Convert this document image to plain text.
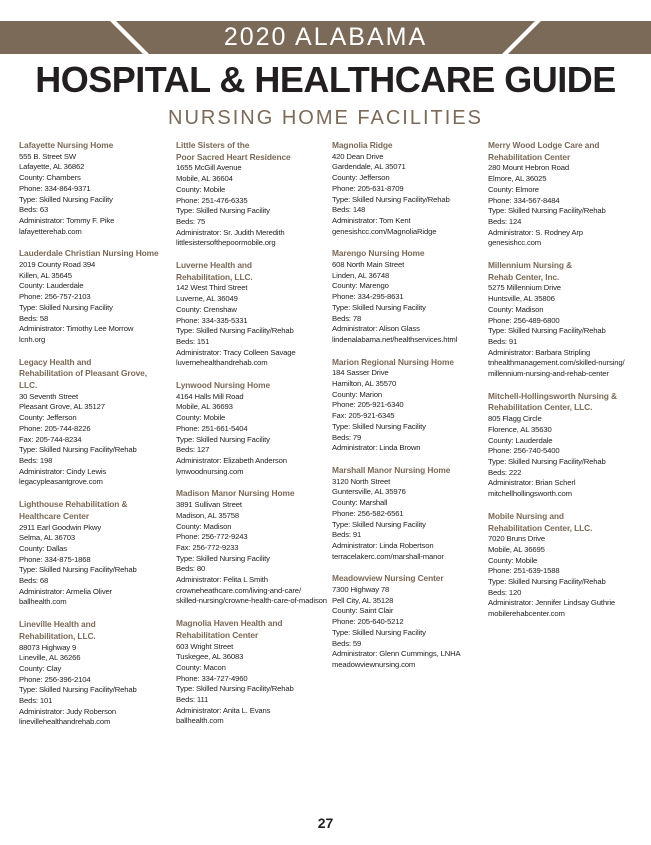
2020 ALABAMA
HOSPITAL & HEALTHCARE GUIDE
NURSING HOME FACILITIES
Lafayette Nursing Home
555 B. Street SW
Lafayette, AL 36862
County: Chambers
Phone: 334-864-9371
Type: Skilled Nursing Facility
Beds: 63
Administrator: Tommy F. Pike
lafayetterehab.com
Lauderdale Christian Nursing Home
2019 County Road 394
Killen, AL 35645
County: Lauderdale
Phone: 256-757-2103
Type: Skilled Nursing Facility
Beds: 58
Administrator: Timothy Lee Morrow
lcnh.org
Legacy Health and
Rehabilitation of Pleasant Grove,
LLC.
30 Seventh Street
Pleasant Grove, AL 35127
County: Jefferson
Phone: 205-744-8226
Fax: 205-744-8234
Type: Skilled Nursing Facility/Rehab
Beds: 198
Administrator: Cindy Lewis
legacypleasantgrove.com
Lighthouse Rehabilitation &
Healthcare Center
2911 Earl Goodwin Pkwy
Selma, AL 36703
County: Dallas
Phone: 334-875-1868
Type: Skilled Nursing Facility/Rehab
Beds: 68
Administrator: Armelia Oliver
ballhealth.com
Lineville Health and
Rehabilitation, LLC.
88073 Highway 9
Lineville, AL 36266
County: Clay
Phone: 256-396-2104
Type: Skilled Nursing Facility/Rehab
Beds: 101
Administrator: Judy Roberson
linevillehealthandrehab.com
Little Sisters of the
Poor Sacred Heart Residence
1655 McGill Avenue
Mobile, AL 36604
County: Mobile
Phone: 251-476-6335
Type: Skilled Nursing Facility
Beds: 75
Administrator: Sr. Judith Meredith
littlesistersofthepoormobile.org
Luverne Health and
Rehabilitation, LLC.
142 West Third Street
Luverne, AL 36049
County: Crenshaw
Phone: 334-335-5331
Type: Skilled Nursing Facility/Rehab
Beds: 151
Administrator: Tracy Colleen Savage
luvernehealthandrehab.com
Lynwood Nursing Home
4164 Halls Mill Road
Mobile, AL 36693
County: Mobile
Phone: 251-661-5404
Type: Skilled Nursing Facility
Beds: 127
Administrator: Elizabeth Anderson
lynwoodnursing.com
Madison Manor Nursing Home
3891 Sullivan Street
Madison, AL 35758
County: Madison
Phone: 256-772-9243
Fax: 256-772-9233
Type: Skilled Nursing Facility
Beds: 80
Administrator: Felita L Smith
crowneheathcare.com/living-and-care/
skilled-nursing/crowne-health-care-of-madison
Magnolia Haven Health and
Rehabilitation Center
603 Wright Street
Tuskegee, AL 36083
County: Macon
Phone: 334-727-4960
Type: Skilled Nursing Facility/Rehab
Beds: 111
Administrator: Anita L. Evans
ballhealth.com
Magnolia Ridge
420 Dean Drive
Gardendale, AL 35071
County: Jefferson
Phone: 205-631-8709
Type: Skilled Nursing Facility/Rehab
Beds: 148
Administrator: Tom Kent
genesishcc.com/MagnoliaRidge
Marengo Nursing Home
608 North Main Street
Linden, AL 36748
County: Marengo
Phone: 334-295-8631
Type: Skilled Nursing Facility
Beds: 78
Administrator: Alison Glass
lindenalabama.net/healthservices.html
Marion Regional Nursing Home
184 Sasser Drive
Hamilton, AL 35570
County: Marion
Phone: 205-921-6340
Fax: 205-921-6345
Type: Skilled Nursing Facility
Beds: 79
Administrator: Linda Brown
Marshall Manor Nursing Home
3120 North Street
Guntersville, AL 35976
County: Marshall
Phone: 256-582-6561
Type: Skilled Nursing Facility
Beds: 91
Administrator: Linda Robertson
terracelakerc.com/marshall-manor
Meadowview Nursing Center
7300 Highway 78
Pell City, AL 35128
County: Saint Clair
Phone: 205-640-5212
Type: Skilled Nursing Facility
Beds: 59
Administrator: Glenn Cummings, LNHA
meadowviewnursing.com
Merry Wood Lodge Care and
Rehabilitation Center
280 Mount Hebron Road
Elmore, AL 36025
County: Elmore
Phone: 334-567-8484
Type: Skilled Nursing Facility/Rehab
Beds: 124
Administrator: S. Rodney Arp
genesishcc.com
Millennium Nursing &
Rehab Center, Inc.
5275 Millennium Drive
Huntsville, AL 35806
County: Madison
Phone: 256-489-6800
Type: Skilled Nursing Facility/Rehab
Beds: 91
Administrator: Barbara Stripling
tnhealthmanagement.com/skilled-nursing/
millennium-nursing-and-rehab-center
Mitchell-Hollingsworth Nursing &
Rehabilitation Center, LLC.
805 Flagg Circle
Florence, AL 35630
County: Lauderdale
Phone: 256-740-5400
Type: Skilled Nursing Facility/Rehab
Beds: 222
Administrator: Brian Scherl
mitchellhollingsworth.com
Mobile Nursing and
Rehabilitation Center, LLC.
7020 Bruns Drive
Mobile, AL 36695
County: Mobile
Phone: 251-639-1588
Type: Skilled Nursing Facility/Rehab
Beds: 120
Administrator: Jennifer Lindsay Guthrie
mobilerehabcenter.com
27
